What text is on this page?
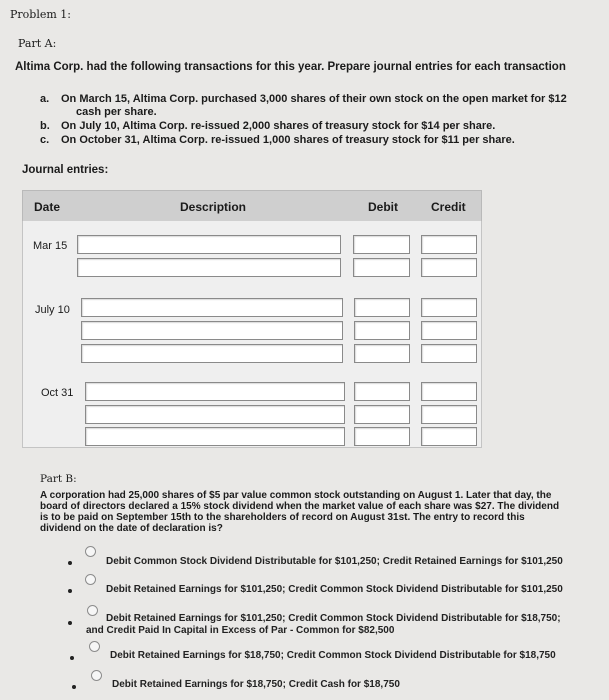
Problem 1:
Part A:
Altima Corp. had the following transactions for this year. Prepare journal entries for each transaction
a. On March 15, Altima Corp. purchased 3,000 shares of their own stock on the open market for $12
cash per share.
b. On July 10, Altima Corp. re-issued 2,000 shares of treasury stock for $14 per share.
c. On October 31, Altima Corp. re-issued 1,000 shares of treasury stock for $11 per share.
Journal entries:
Date	Description	Debit	Credit
Mar 15
July 10
Oct 31
Part B:
A corporation had 25,000 shares of $5 par value common stock outstanding on August 1. Later that day, the
board of directors declared a 15% stock dividend when the market value of each share was $27. The dividend
is to be paid on September 15th to the shareholders of record on August 31st. The entry to record this
dividend on the date of declaration is?
Debit Common Stock Dividend Distributable for $101,250; Credit Retained Earnings for $101,250
Debit Retained Earnings for $101,250; Credit Common Stock Dividend Distributable for $101,250
Debit Retained Earnings for $101,250; Credit Common Stock Dividend Distributable for $18,750;
and Credit Paid In Capital in Excess of Par - Common for $82,500
Debit Retained Earnings for $18,750; Credit Common Stock Dividend Distributable for $18,750
Debit Retained Earnings for $18,750; Credit Cash for $18,750
